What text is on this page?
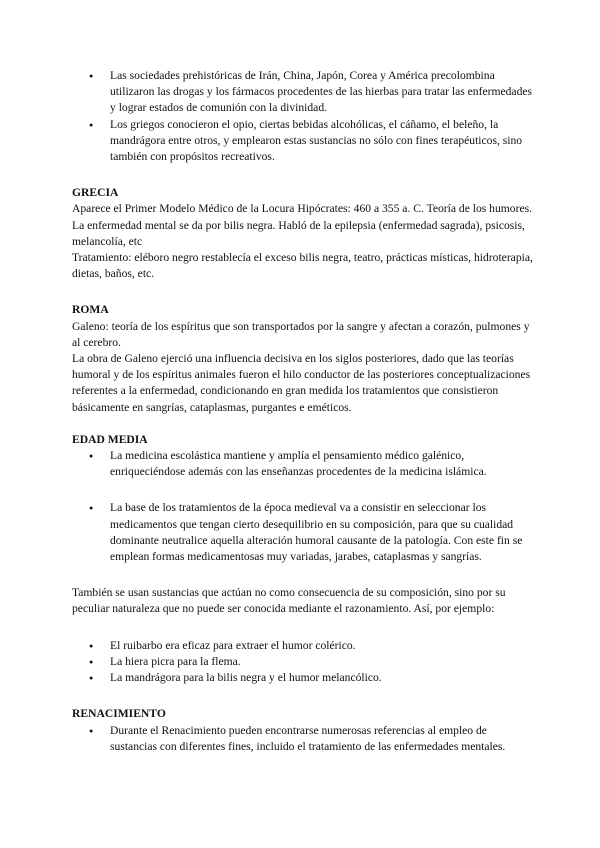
● Las sociedades prehistóricas de Irán, China, Japón, Corea y América precolombina utilizaron las drogas y los fármacos procedentes de las hierbas para tratar las enfermedades y lograr estados de comunión con la divinidad.
● Los griegos conocieron el opio, ciertas bebidas alcohólicas, el cáñamo, el beleño, la mandrágora entre otros, y emplearon estas sustancias no sólo con fines terapéuticos, sino también con propósitos recreativos.
GRECIA

Aparece el Primer Modelo Médico de la Locura Hipócrates: 460 a 355 a. C. Teoría de los humores. La enfermedad mental se da por bilis negra. Habló de la epilepsia (enfermedad sagrada), psicosis, melancolía, etc

Tratamiento: eléboro negro restablecía el exceso bilis negra, teatro, prácticas místicas, hidroterapia, dietas, baños, etc.

ROMA

Galeno: teoría de los espíritus que son transportados por la sangre y afectan a corazón, pulmones y al cerebro.

La obra de Galeno ejerció una influencia decisiva en los siglos posteriores, dado que las teorías humoral y de los espíritus animales fueron el hilo conductor de las posteriores conceptualizaciones referentes a la enfermedad, condicionando en gran medida los tratamientos que consistieron básicamente en sangrías, cataplasmas, purgantes e eméticos.

EDAD MEDIA
● La medicina escolástica mantiene y amplía el pensamiento médico galénico, enriqueciéndose además con las enseñanzas procedentes de la medicina islámica.
● La base de los tratamientos de la época medieval va a consistir en seleccionar los medicamentos que tengan cierto desequilibrio en su composición, para que su cualidad dominante neutralice aquella alteración humoral causante de la patología. Con este fin se emplean formas medicamentosas muy variadas, jarabes, cataplasmas y sangrías.

También se usan sustancias que actúan no como consecuencia de su composición, sino por su peculiar naturaleza que no puede ser conocida mediante el razonamiento. Así, por ejemplo:

● El ruibarbo era eficaz para extraer el humor colérico.
● La hiera picra para la flema.
● La mandrágora para la bilis negra y el humor melancólico.
RENACIMIENTO
● Durante el Renacimiento pueden encontrarse numerosas referencias al empleo de sustancias con diferentes fines, incluido el tratamiento de las enfermedades mentales.
